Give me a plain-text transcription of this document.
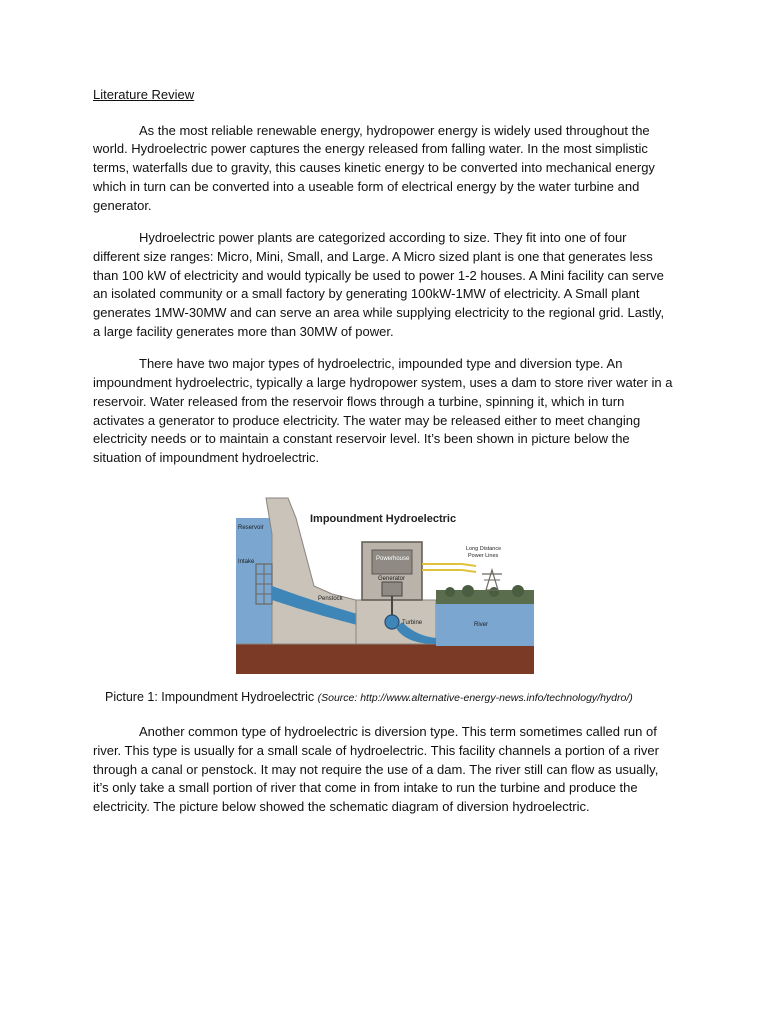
Literature Review

As the most reliable renewable energy, hydropower energy is widely used throughout the world. Hydroelectric power captures the energy released from falling water. In the most simplistic terms, waterfalls due to gravity, this causes kinetic energy to be converted into mechanical energy which in turn can be converted into a useable form of electrical energy by the water turbine and generator.

Hydroelectric power plants are categorized according to size. They fit into one of four different size ranges: Micro, Mini, Small, and Large. A Micro sized plant is one that generates less than 100 kW of electricity and would typically be used to power 1-2 houses. A Mini facility can serve an isolated community or a small factory by generating 100kW-1MW of electricity. A Small plant generates 1MW-30MW and can serve an area while supplying electricity to the regional grid. Lastly, a large facility generates more than 30MW of power.

There have two major types of hydroelectric, impounded type and diversion type. An impoundment hydroelectric, typically a large hydropower system, uses a dam to store river water in a reservoir. Water released from the reservoir flows through a turbine, spinning it, which in turn activates a generator to produce electricity. The water may be released either to meet changing electricity needs or to maintain a constant reservoir level. It’s been shown in picture below the situation of impoundment hydroelectric.

Impoundment Hydroelectric
Reservoir
Intake
Penstock
Powerhouse
Generator
Turbine	River
Long Distance
Power Lines
Picture 1: Impoundment Hydroelectric (Source: http://www.alternative-energy-news.info/technology/hydro/)

Another common type of hydroelectric is diversion type. This term sometimes called run of river. This type is usually for a small scale of hydroelectric. This facility channels a portion of a river through a canal or penstock. It may not require the use of a dam. The river still can flow as usually, it’s only take a small portion of river that come in from intake to run the turbine and produce the electricity. The picture below showed the schematic diagram of diversion hydroelectric.
